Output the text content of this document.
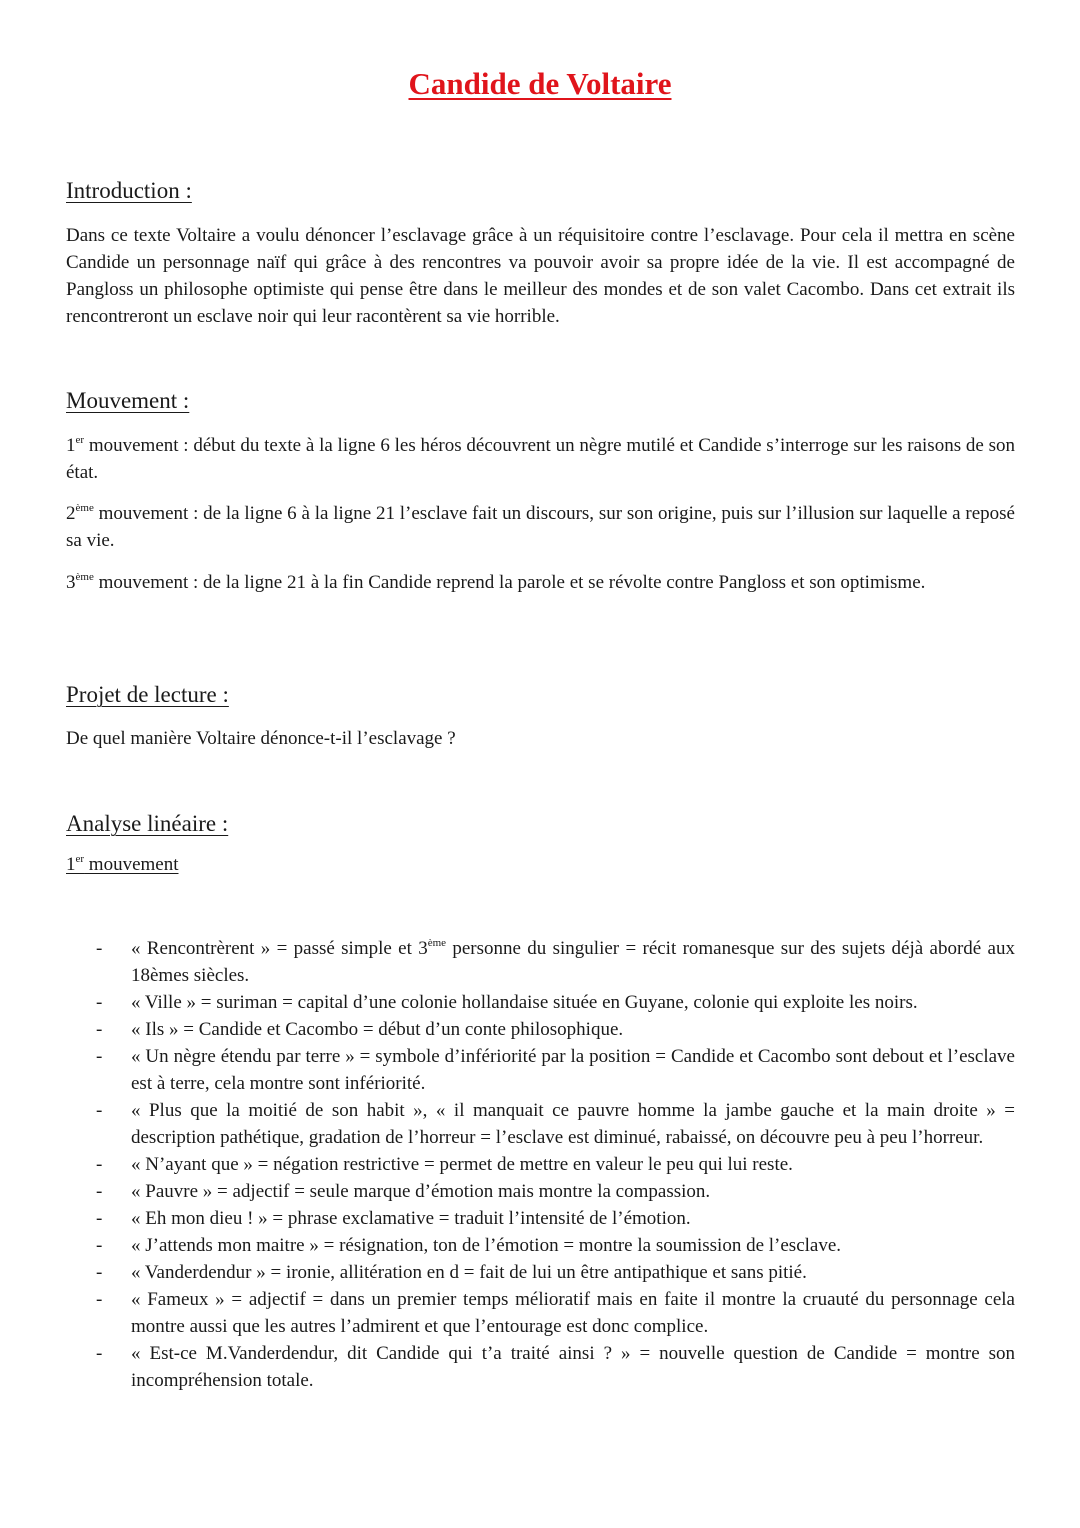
Candide de Voltaire
Introduction :

Dans ce texte Voltaire a voulu dénoncer l’esclavage grâce à un réquisitoire contre l’esclavage. Pour cela il mettra en scène Candide un personnage naïf qui grâce à des rencontres va pouvoir avoir sa propre idée de la vie. Il est accompagné de Pangloss un philosophe optimiste qui pense être dans le meilleur des mondes et de son valet Cacombo. Dans cet extrait ils rencontreront un esclave noir qui leur racontèrent sa vie horrible.

Mouvement :

1er mouvement : début du texte à la ligne 6 les héros découvrent un nègre mutilé et Candide s’interroge sur les raisons de son état.

2ème mouvement : de la ligne 6 à la ligne 21 l’esclave fait un discours, sur son origine, puis sur l’illusion sur laquelle a reposé sa vie.

3ème mouvement : de la ligne 21 à la fin Candide reprend la parole et se révolte contre Pangloss et son optimisme.

Projet de lecture :

De quel manière Voltaire dénonce-t-il l’esclavage ?

Analyse linéaire :

1er mouvement

- « Rencontrèrent » = passé simple et 3ème personne du singulier = récit romanesque sur des sujets déjà abordé aux 18èmes siècles.
- « Ville » = suriman = capital d’une colonie hollandaise située en Guyane, colonie qui exploite les noirs.
- « Ils » = Candide et Cacombo = début d’un conte philosophique.
- « Un nègre étendu par terre » = symbole d’infériorité par la position = Candide et Cacombo sont debout et l’esclave est à terre, cela montre sont infériorité.
- « Plus que la moitié de son habit », « il manquait ce pauvre homme la jambe gauche et la main droite » = description pathétique, gradation de l’horreur = l’esclave est diminué, rabaissé, on découvre peu à peu l’horreur.
- « N’ayant que » = négation restrictive = permet de mettre en valeur le peu qui lui reste.
- « Pauvre » = adjectif = seule marque d’émotion mais montre la compassion.
- « Eh mon dieu ! » = phrase exclamative = traduit l’intensité de l’émotion.
- « J’attends mon maitre » = résignation, ton de l’émotion = montre la soumission de l’esclave.
- « Vanderdendur » = ironie, allitération en d = fait de lui un être antipathique et sans pitié.
- « Fameux » = adjectif = dans un premier temps mélioratif mais en faite il montre la cruauté du personnage cela montre aussi que les autres l’admirent et que l’entourage est donc complice.
- « Est-ce M.Vanderdendur, dit Candide qui t’a traité ainsi ? » = nouvelle question de Candide = montre son incompréhension totale.
